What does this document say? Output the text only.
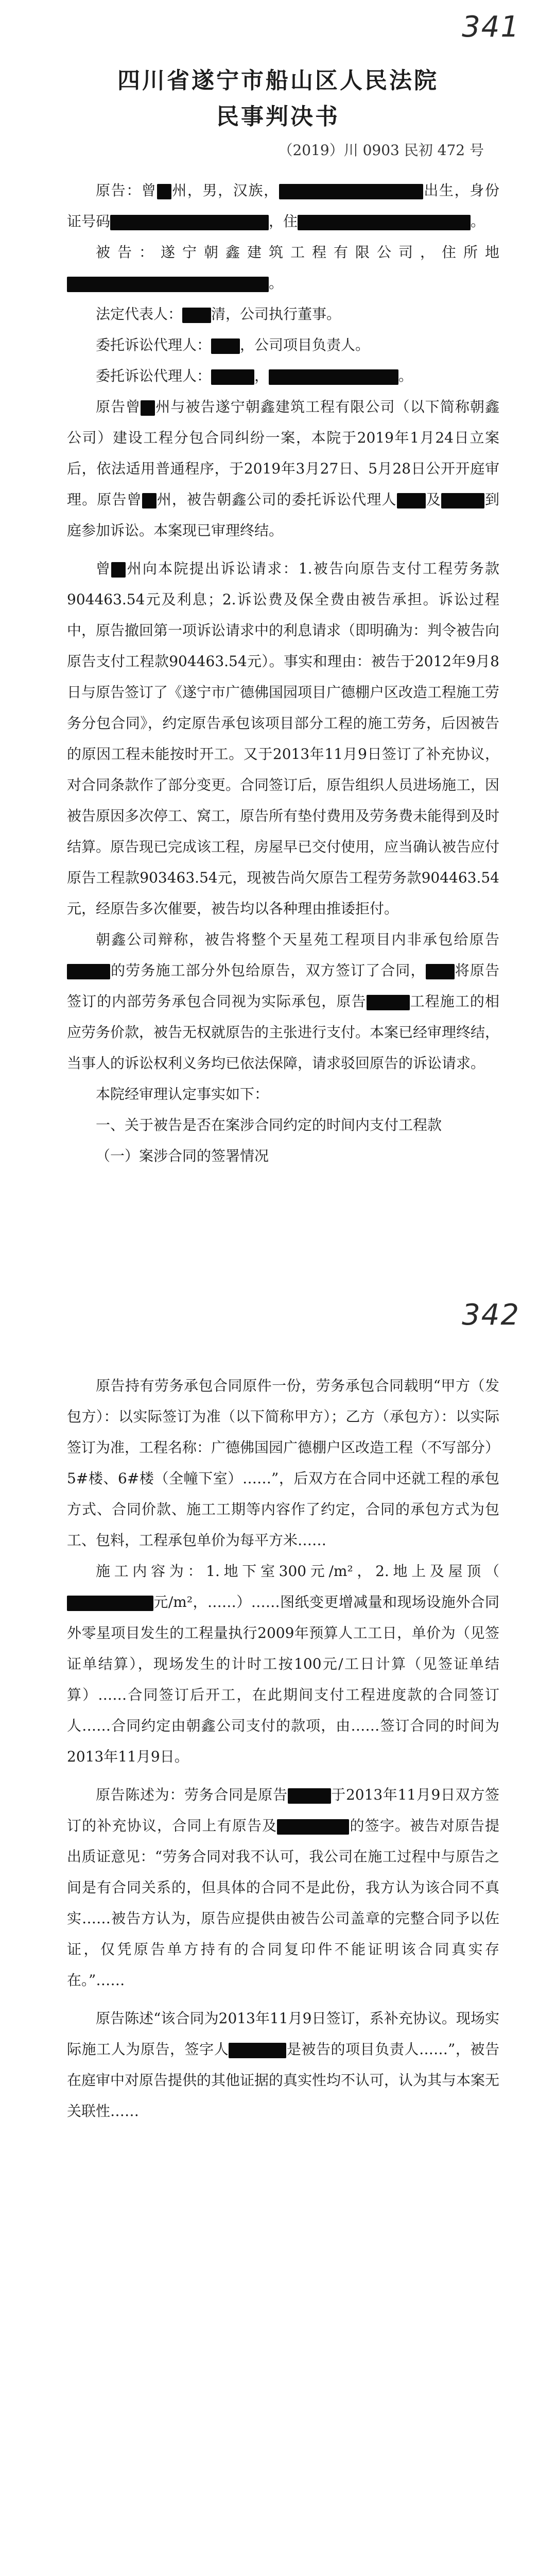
341
四川省遂宁市船山区人民法院
民事判决书
（2019）川 0903 民初 472 号

原告：曾 州，男，汉族，	出生，身份证号码	，住	。

被告：遂宁朝鑫建筑工程有限公司，住所地。

法定代表人： 清，公司执行董事。

委托诉讼代理人： ，公司项目负责人。

委托诉讼代理人：	，	。

原告曾 州与被告遂宁朝鑫建筑工程有限公司（以下简称朝鑫公司）建设工程分包合同纠纷一案，本院于2019年1月24日立案后，依法适用普通程序，于2019年3月27日、5月28日公开开庭审理。原告曾 州，被告朝鑫公司的委托诉讼代理人 及	到庭参加诉讼。本案现已审理终结。

曾 州向本院提出诉讼请求：1.被告向原告支付工程劳务款904463.54元及利息；2.诉讼费及保全费由被告承担。诉讼过程中，原告撤回第一项诉讼请求中的利息请求（即明确为：判令被告向原告支付工程款904463.54元）。事实和理由：被告于2012年9月8日与原告签订了《遂宁市广德佛国园项目广德棚户区改造工程施工劳务分包合同》，约定原告承包该项目部分工程的施工劳务，后因被告的原因工程未能按时开工。又于2013年11月9日签订了补充协议，对合同条款作了部分变更。合同签订后，原告组织人员进场施工，因被告原因多次停工、窝工，原告所有垫付费用及劳务费未能得到及时结算。原告现已完成该工程，房屋早已交付使用，应当确认被告应付原告工程款903463.54元，现被告尚欠原告工程劳务款904463.54元，经原告多次催要，被告均以各种理由推诿拒付。

朝鑫公司辩称，被告将整个天星苑工程项目内非承包给原告的劳务施工部分外包给原告，双方签订了合同， 将原告签订的内部劳务承包合同视为实际承包，原告	工程施工的相应劳务价款，被告无权就原告的主张进行支付。本案已经审理终结，当事人的诉讼权利义务均已依法保障，请求驳回原告的诉讼请求。

本院经审理认定事实如下：

一、关于被告是否在案涉合同约定的时间内支付工程款

（一）案涉合同的签署情况

342

原告持有劳务承包合同原件一份，劳务承包合同载明“甲方（发包方）：以实际签订为准（以下简称甲方）；乙方（承包方）：以实际签订为准，工程名称：广德佛国园广德棚户区改造工程（不写部分）5#楼、6#楼（全幢下室）……”，后双方在合同中还就工程的承包方式、合同价款、施工工期等内容作了约定，合同的承包方式为包工、包料，工程承包单价为每平方米……

施工内容为：1.地下室300元/m²，2.地上及屋顶（元/m²，……）……图纸变更增减量和现场设施外合同外零星项目发生的工程量执行2009年预算人工工日，单价为（见签证单结算），现场发生的计时工按100元/工日计算（见签证单结算）……合同签订后开工，在此期间支付工程进度款的合同签订人……合同约定由朝鑫公司支付的款项，由……签订合同的时间为2013年11月9日。

原告陈述为：劳务合同是原告	于2013年11月9日双方签订的补充协议，合同上有原告及	的签字。被告对原告提出质证意见：“劳务合同对我不认可，我公司在施工过程中与原告之间是有合同关系的，但具体的合同不是此份，我方认为该合同不真实……被告方认为，原告应提供由被告公司盖章的完整合同予以佐证，仅凭原告单方持有的合同复印件不能证明该合同真实存在。”……

原告陈述“该合同为2013年11月9日签订，系补充协议。现场实际施工人为原告，签字人	是被告的项目负责人……”，被告在庭审中对原告提供的其他证据的真实性均不认可，认为其与本案无关联性……
